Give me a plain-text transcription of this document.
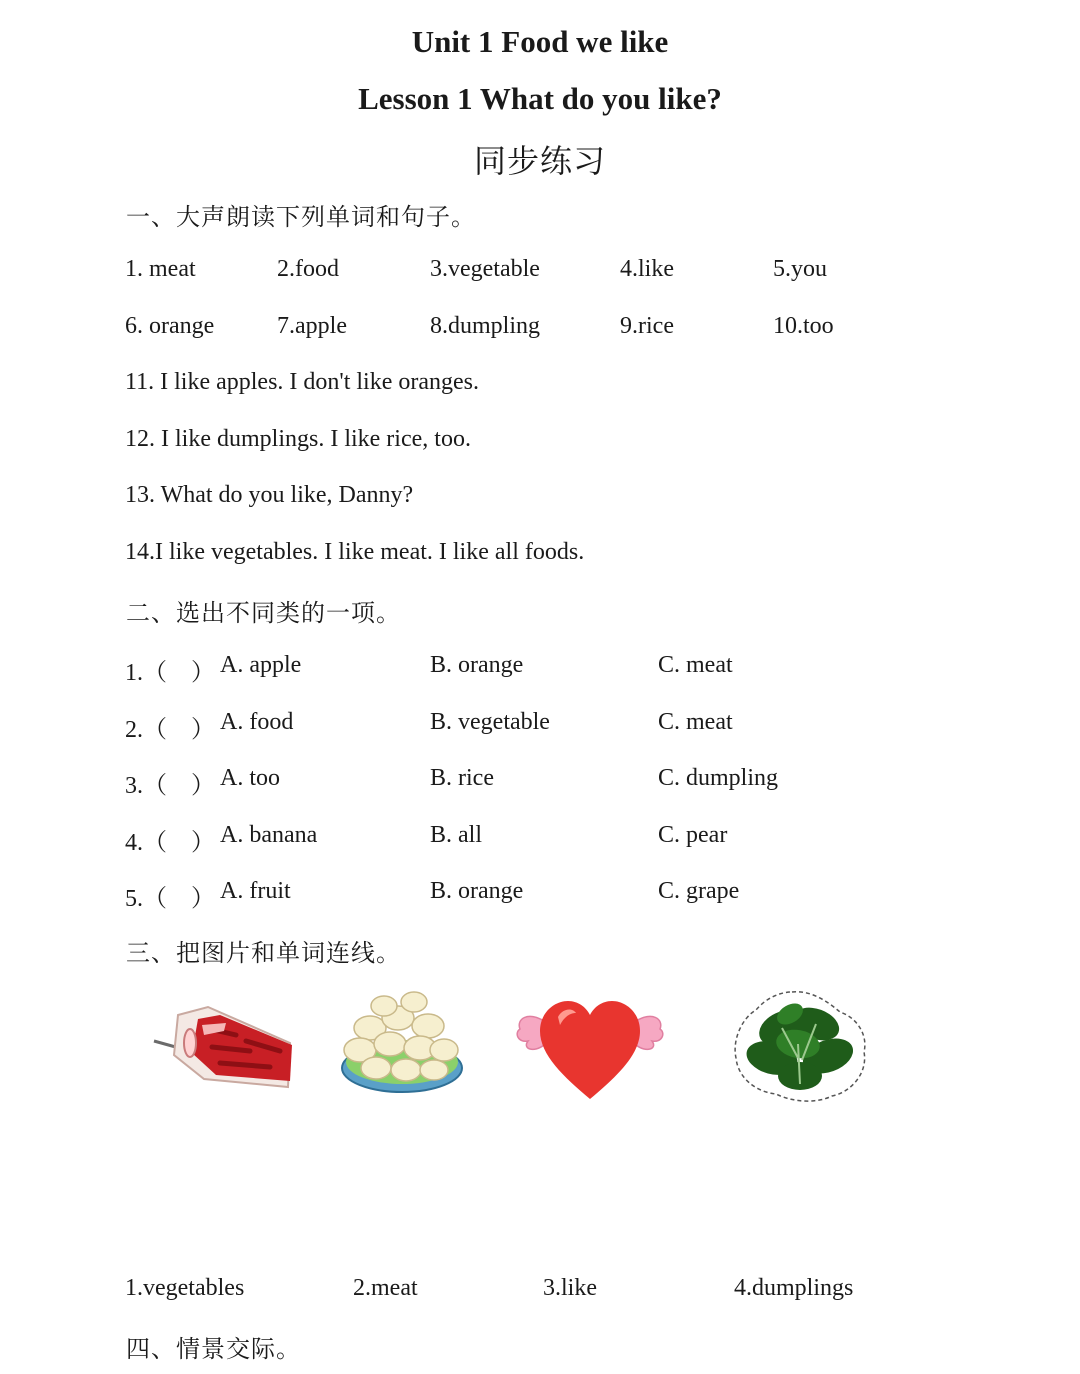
Unit 1 Food we like
Lesson 1 What do you like?
同步练习
一、大声朗读下列单词和句子。
1. meat	2.food	3.vegetable	4.like	5.you
6. orange	7.apple	8.dumpling	9.rice	10.too
11. I like apples. I don't like oranges.
12. I like dumplings. I like rice, too.
13. What do you like, Danny?
14.I like vegetables. I like meat. I like all foods.
二、选出不同类的一项。
1.（　） A. apple	B. orange	C. meat
2.（　） A. food	B. vegetable	C. meat
3.（　） A. too	B. rice	C. dumpling
4.（　） A. banana	B. all	C. pear
5.（　） A. fruit	B. orange	C. grape
三、把图片和单词连线。
1.vegetables	2.meat	3.like	4.dumplings
四、情景交际。
